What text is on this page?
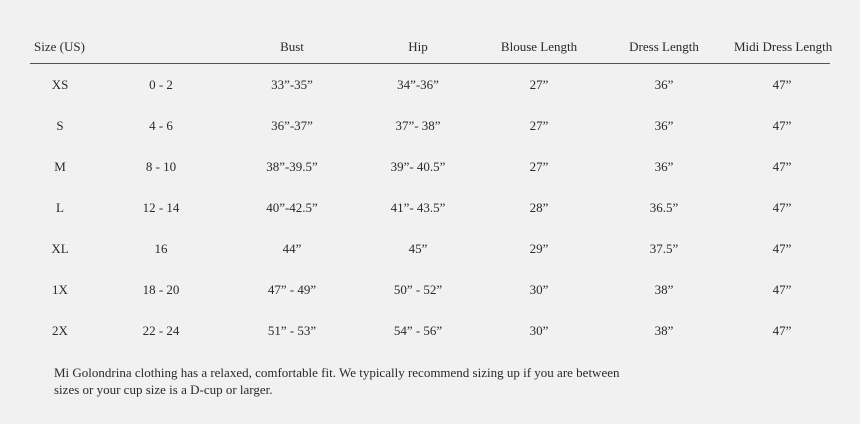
Size (US)		Bust	Hip	Blouse Length	Dress Length	Midi Dress Length
XS	0 - 2	33”-35”	34”-36”	27”	36”	47”
S	4 - 6	36”-37”	37”- 38”	27”	36”	47”
M	8 - 10	38”-39.5”	39”- 40.5”	27”	36”	47”
L	12 - 14	40”-42.5”	41”- 43.5”	28”	36.5”	47”
XL	16	44”	45”	29”	37.5”	47”
1X	18 - 20	47” - 49”	50” - 52”	30”	38”	47”
2X	22 - 24	51” - 53”	54” - 56”	30”	38”	47”
Mi Golondrina clothing has a relaxed, comfortable fit. We typically recommend sizing up if you are between
sizes or your cup size is a D-cup or larger.
